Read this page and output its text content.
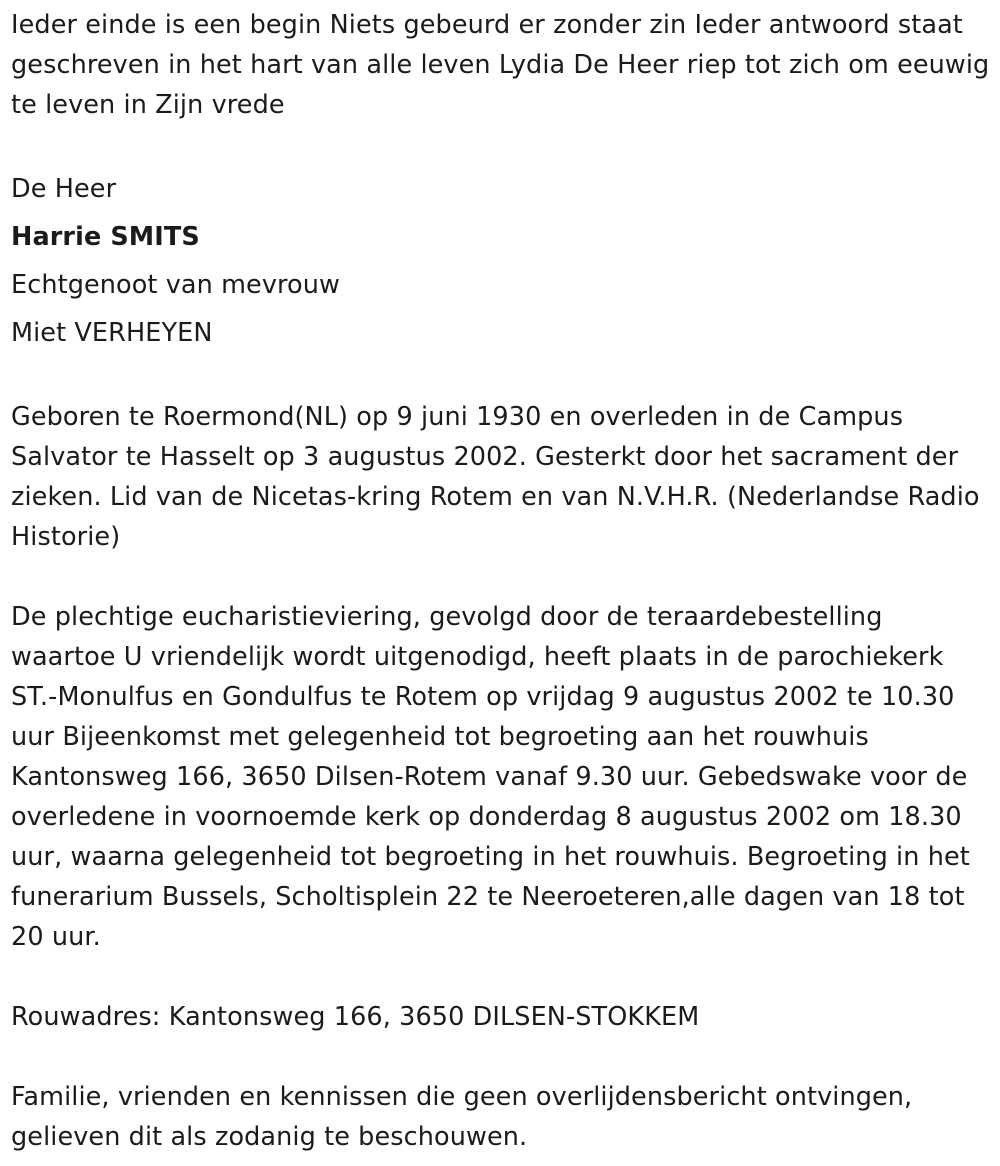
Ieder einde is een begin Niets gebeurd er zonder zin Ieder antwoord staat geschreven in het hart van alle leven Lydia De Heer riep tot zich om eeuwig te leven in Zijn vrede

De Heer

Harrie SMITS

Echtgenoot van mevrouw

Miet VERHEYEN

Geboren te Roermond(NL) op 9 juni 1930 en overleden in de Campus Salvator te Hasselt op 3 augustus 2002. Gesterkt door het sacrament der zieken. Lid van de Nicetas-kring Rotem en van N.V.H.R. (Nederlandse Radio Historie)

De plechtige eucharistieviering, gevolgd door de teraardebestelling waartoe U vriendelijk wordt uitgenodigd, heeft plaats in de parochiekerk ST.-Monulfus en Gondulfus te Rotem op vrijdag 9 augustus 2002 te 10.30 uur Bijeenkomst met gelegenheid tot begroeting aan het rouwhuis Kantonsweg 166, 3650 Dilsen-Rotem vanaf 9.30 uur. Gebedswake voor de overledene in voornoemde kerk op donderdag 8 augustus 2002 om 18.30 uur, waarna gelegenheid tot begroeting in het rouwhuis. Begroeting in het funerarium Bussels, Scholtisplein 22 te Neeroeteren,alle dagen van 18 tot 20 uur.

Rouwadres: Kantonsweg 166, 3650 DILSEN-STOKKEM

Familie, vrienden en kennissen die geen overlijdensbericht ontvingen, gelieven dit als zodanig te beschouwen.
